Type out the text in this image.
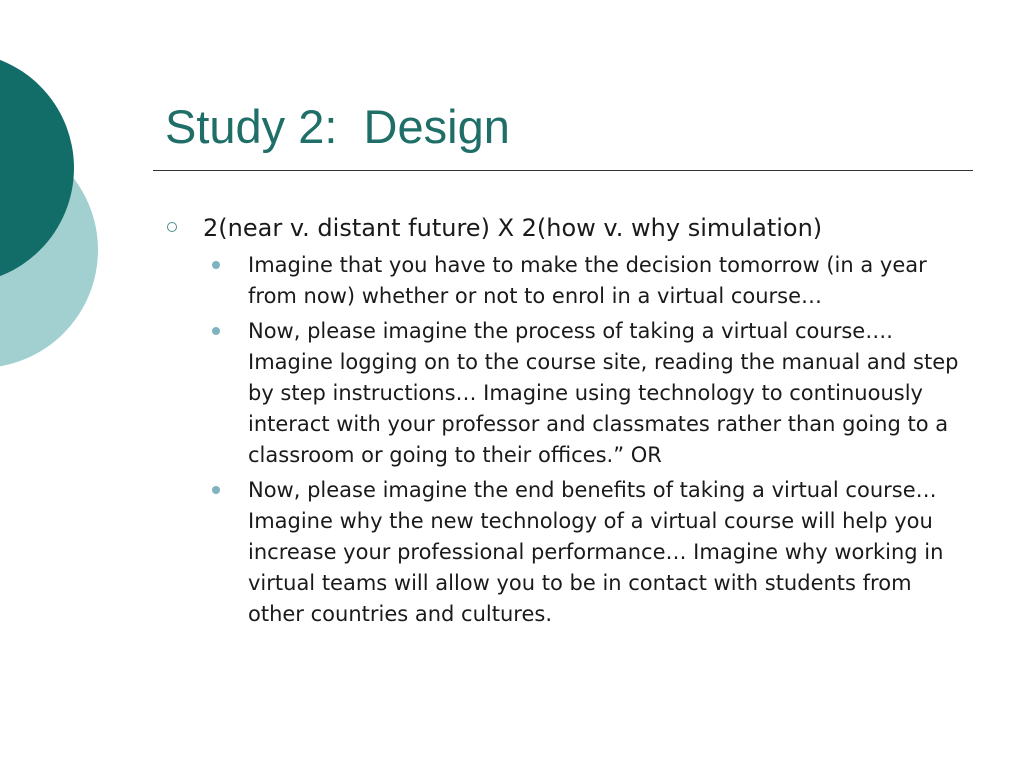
Study 2:  Design
2(near v. distant future) X 2(how v. why simulation)
Imagine that you have to make the decision tomorrow (in a year from now) whether or not to enrol in a virtual course…
Now, please imagine the process of taking a virtual course…. Imagine logging on to the course site, reading the manual and step by step instructions… Imagine using technology to continuously interact with your professor and classmates rather than going to a classroom or going to their offices.” OR
Now, please imagine the end benefits of taking a virtual course… Imagine why the new technology of a virtual course will help you increase your professional performance… Imagine why working in virtual teams will allow you to be in contact with students from other countries and cultures.
